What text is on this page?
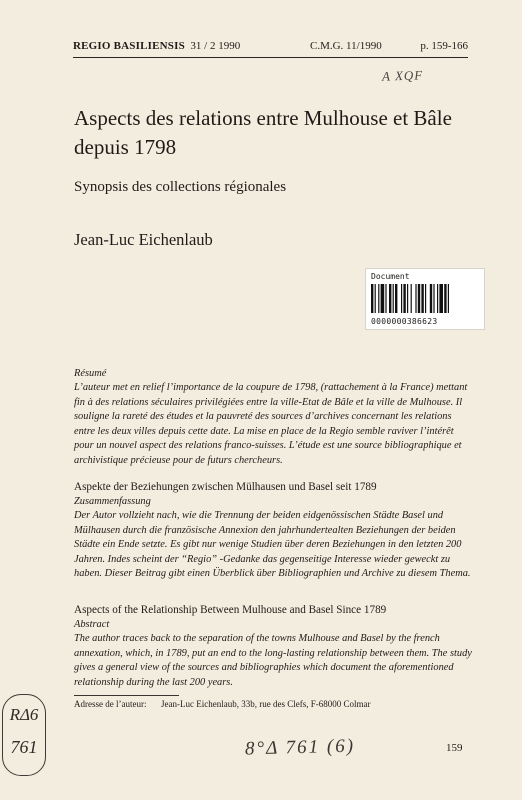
REGIO BASILIENSIS 31 / 2 1990	C.M.G. 11/1990	p. 159-166
A XQF
Aspects des relations entre Mulhouse et Bâle depuis 1798
Synopsis des collections régionales
Jean-Luc Eichenlaub
Document
0000000386623
Résumé
L’auteur met en relief l’importance de la coupure de 1798, (rattachement à la France) mettant fin à des relations séculaires privilégiées entre la ville-Etat de Bâle et la ville de Mulhouse. Il souligne la rareté des études et la pauvreté des sources d’archives concernant les relations entre les deux villes depuis cette date. La mise en place de la Regio semble raviver l’intérêt pour un nouvel aspect des relations franco-suisses. L’étude est une source bibliographique et archivistique précieuse pour de futurs chercheurs.
Aspekte der Beziehungen zwischen Mülhausen und Basel seit 1789
Zusammenfassung
Der Autor vollzieht nach, wie die Trennung der beiden eidgenössischen Städte Basel und Mülhausen durch die französische Annexion den jahrhundertealten Beziehungen der beiden Städte ein Ende setzte. Es gibt nur wenige Studien über deren Beziehungen in den letzten 200 Jahren. Indes scheint der “Regio” -Gedanke das gegenseitige Interesse wieder geweckt zu haben. Dieser Beitrag gibt einen Überblick über Bibliographien und Archive zu diesem Thema.
Aspects of the Relationship Between Mulhouse and Basel Since 1789
Abstract
The author traces back to the separation of the towns Mulhouse and Basel by the french annexation, which, in 1789, put an end to the long-lasting relationship between them. The study gives a general view of the sources and bibliographies which document the aforementioned relationship during the last 200 years.
Adresse de l’auteur: Jean-Luc Eichenlaub, 33b, rue des Clefs, F-68000 Colmar
159
RΔ6
761	8°Δ 761 (6)
